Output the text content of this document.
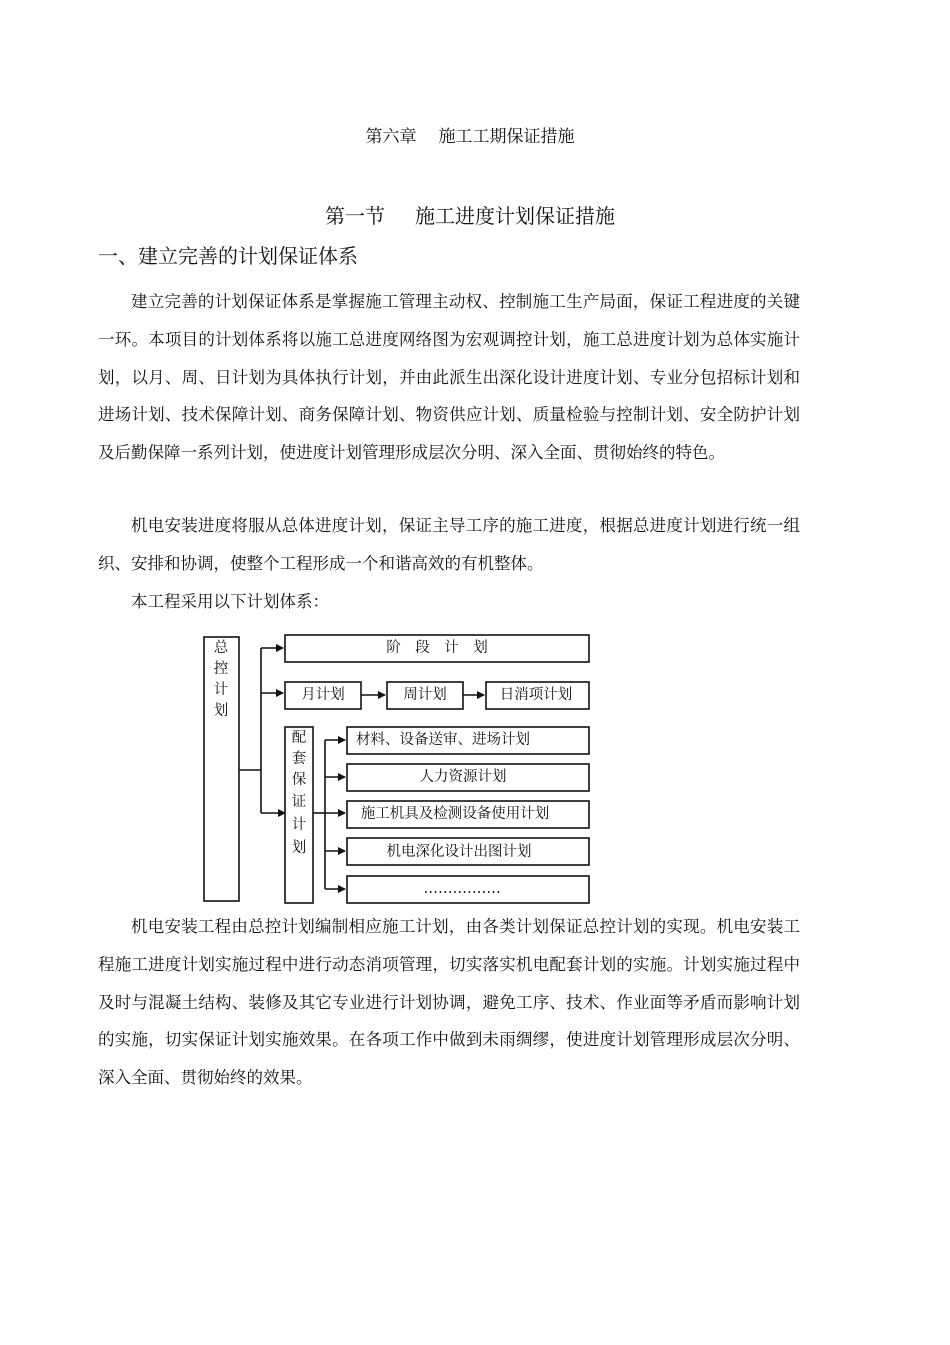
第六章 施工工期保证措施
第一节 施工进度计划保证措施
一、建立完善的计划保证体系

建立完善的计划保证体系是掌握施工管理主动权、控制施工生产局面，保证工程进度的关键一环。本项目的计划体系将以施工总进度网络图为宏观调控计划，施工总进度计划为总体实施计划，以月、周、日计划为具体执行计划，并由此派生出深化设计进度计划、专业分包招标计划和进场计划、技术保障计划、商务保障计划、物资供应计划、质量检验与控制计划、安全防护计划及后勤保障一系列计划，使进度计划管理形成层次分明、深入全面、贯彻始终的特色。

机电安装进度将服从总体进度计划，保证主导工序的施工进度，根据总进度计划进行统一组织、安排和协调，使整个工程形成一个和谐高效的有机整体。

本工程采用以下计划体系：

总
控
计
划
阶　段　计　划
月计划	周计划	日消项计划
配
套
保
证
计
划
材料、设备送审、进场计划
人力资源计划
施工机具及检测设备使用计划
机电深化设计出图计划
…………….

机电安装工程由总控计划编制相应施工计划，由各类计划保证总控计划的实现。机电安装工程施工进度计划实施过程中进行动态消项管理，切实落实机电配套计划的实施。计划实施过程中及时与混凝土结构、装修及其它专业进行计划协调，避免工序、技术、作业面等矛盾而影响计划的实施，切实保证计划实施效果。在各项工作中做到未雨绸缪，使进度计划管理形成层次分明、深入全面、贯彻始终的效果。
